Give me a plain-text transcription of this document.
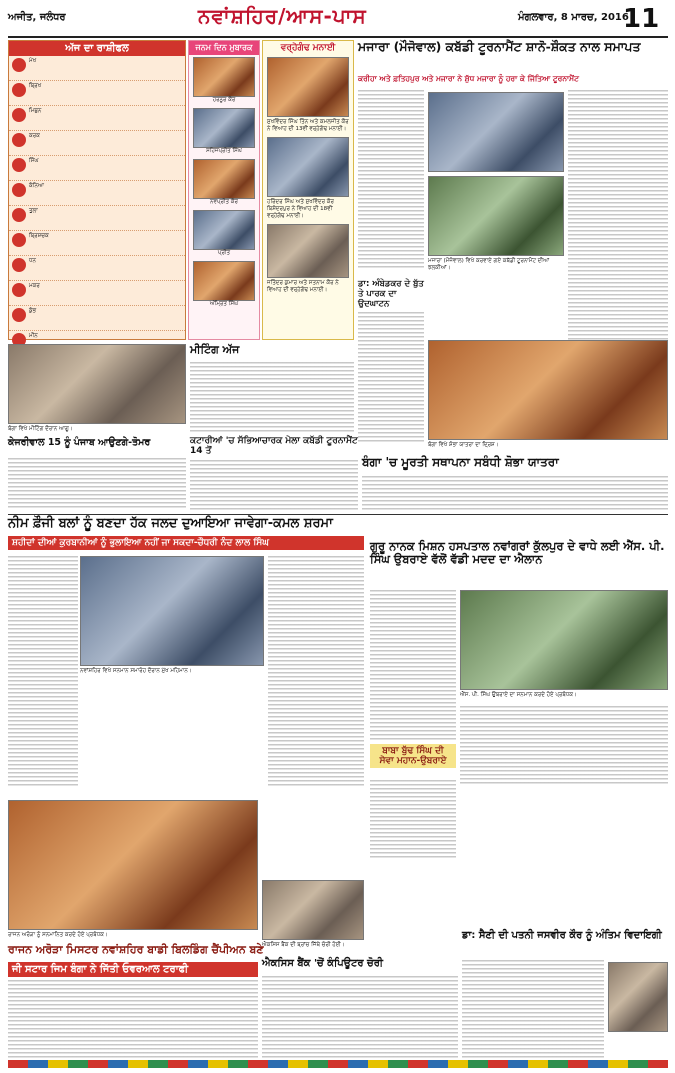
ਅਜੀਤ, ਜਲੰਧਰ	ਨਵਾਂਸ਼ਹਿਰ/ਆਸ-ਪਾਸ	ਮੰਗਲਵਾਰ, 8 ਮਾਰਚ, 2016
11
ਅੱਜ ਦਾ ਰਾਸ਼ੀਫਲ
ਮੇਖ
ਬ੍ਰਿਖ
ਮਿਥੁਨ
ਕਰਕ
ਸਿੰਘ
ਕੰਨਿਆ
ਤੁਲਾ
ਬ੍ਰਿਸ਼ਚਕ
ਧਨ
ਮਕਰ
ਕੁੰਭ
ਮੀਨ
ਜਨਮ ਦਿਨ ਮੁਬਾਰਕ
ਹਰਨੂਰ ਕੌਰ
ਸਹਿਜਪ੍ਰੀਤ ਸਿੰਘ
ਨਵਪ੍ਰੀਤ ਕੌਰ
ਪ੍ਰੀਤ
ਅੰਮ੍ਰਿਤ ਸਿੰਘ
ਵਰ੍ਹੇਗੰਢ ਮਨਾਈ
ਸੁਖਵਿੰਦਰ ਸਿੰਘ ਤਿੰਨ ਅਤੇ ਕਮਲਜੀਤ ਕੌਰ ਨੇ ਵਿਆਹ ਦੀ 13ਵੀਂ ਵਰ੍ਹੇਗੰਢ ਮਨਾਈ।
ਹਰਿੰਦਰ ਸਿੰਘ ਅਤੇ ਸੁਖਵਿੰਦਰ ਕੌਰ ਬਿਸ਼ੰਦਰਪੁਰ ਨੇ ਵਿਆਹ ਦੀ 18ਵੀਂ ਵਰ੍ਹੇਗੰਢ ਮਨਾਈ।
ਜਤਿੰਦਰ ਕੁਮਾਰ ਅਤੇ ਸਤਨਾਮ ਕੌਰ ਨੇ ਵਿਆਹ ਦੀ ਵਰ੍ਹੇਗੰਢ ਮਨਾਈ।
ਮਜਾਰਾ (ਮੌਜੋਵਾਲ) ਕਬੱਡੀ ਟੂਰਨਾਮੈਂਟ ਸ਼ਾਨੋ-ਸ਼ੌਕਤ ਨਾਲ ਸਮਾਪਤ
ਕਰੀਹਾ ਅਤੇ ਫ਼ਤਿਹਪੁਰ ਅਤੇ ਮਜਾਰਾ ਨੇ ਸ਼ੁੱਧ ਮਜਾਰਾ ਨੂੰ ਹਰਾ ਕੇ ਜਿੱਤਿਆ ਟੂਰਨਾਮੈਂਟ
ਮਜਾਰਾ (ਮੌਜੋਵਾਲ) ਵਿਖੇ ਕਰਵਾਏ ਗਏ ਕਬੱਡੀ ਟੂਰਨਾਮੈਂਟ ਦੀਆਂ ਝਲਕੀਆਂ।
ਬੰਗਾ ਵਿਖੇ ਮੀਟਿੰਗ ਦੌਰਾਨ ਆਗੂ।
ਕੇਜਰੀਵਾਲ 15 ਨੂੰ ਪੰਜਾਬ ਆਉਣਗੇ-ਤੋਮਰ
ਮੀਟਿੰਗ ਅੱਜ
ਕਟਾਰੀਆਂ 'ਚ ਸੱਭਿਆਚਾਰਕ ਮੇਲਾ ਕਬੱਡੀ ਟੂਰਨਾਮੈਂਟ 14 ਤੋਂ
ਡਾ: ਅੰਬੇਡਕਰ ਦੇ ਬੁੱਤ ਤੇ ਪਾਰਕ ਦਾ ਉਦਘਾਟਨ
ਬੰਗਾ ਵਿਖੇ ਸ਼ੋਭਾ ਯਾਤਰਾ ਦਾ ਦ੍ਰਿਸ਼।
ਬੰਗਾ 'ਚ ਮੂਰਤੀ ਸਥਾਪਨਾ ਸਬੰਧੀ ਸ਼ੋਭਾ ਯਾਤਰਾ
ਨੀਮ ਫ਼ੌਜੀ ਬਲਾਂ ਨੂੰ ਬਣਦਾ ਹੱਕ ਜਲਦ ਦੁਆਇਆ ਜਾਵੇਗਾ-ਕਮਲ ਸ਼ਰਮਾ
ਸ਼ਹੀਦਾਂ ਦੀਆਂ ਕੁਰਬਾਨੀਆਂ ਨੂੰ ਭੁਲਾਇਆ ਨਹੀਂ ਜਾ ਸਕਦਾ-ਚੌਧਰੀ ਨੰਦ ਲਾਲ ਸਿੰਘ
ਨਵਾਂਸ਼ਹਿਰ ਵਿਖੇ ਸਨਮਾਨ ਸਮਾਰੋਹ ਦੌਰਾਨ ਮੁੱਖ ਮਹਿਮਾਨ।
ਗੁਰੂ ਨਾਨਕ ਮਿਸ਼ਨ ਹਸਪਤਾਲ ਨਵਾਂਗਰਾਂ ਕੁੱਲਪੁਰ ਦੇ ਵਾਧੇ ਲਈ ਐੱਸ. ਪੀ. ਸਿੰਘ ਉਬਰਾਏ ਵੱਲੋਂ ਵੱਡੀ ਮਦਦ ਦਾ ਐਲਾਨ
ਐੱਸ. ਪੀ. ਸਿੰਘ ਉਬਰਾਏ ਦਾ ਸਨਮਾਨ ਕਰਦੇ ਹੋਏ ਪ੍ਰਬੰਧਕ।
ਬਾਬਾ ਬੁੱਢ ਸਿੰਘ ਦੀ ਸੇਵਾ ਮਹਾਨ-ਉਬਰਾਏ
ਰਾਜਨ ਅਰੋੜਾ ਨੂੰ ਸਨਮਾਨਿਤ ਕਰਦੇ ਹੋਏ ਪ੍ਰਬੰਧਕ।
ਰਾਜਨ ਅਰੋੜਾ ਮਿਸਟਰ ਨਵਾਂਸ਼ਹਿਰ ਬਾਡੀ ਬਿਲਡਿੰਗ ਚੈਂਪੀਅਨ ਬਣੇ
ਜੀ ਸਟਾਰ ਜਿਮ ਬੰਗਾ ਨੇ ਜਿੱਤੀ ਓਵਰਆਲ ਟਰਾਫੀ
ਐਕਸਿਸ ਬੈਂਕ ਦੀ ਬ੍ਰਾਂਚ ਜਿੱਥੇ ਚੋਰੀ ਹੋਈ।
ਐਕਸਿਸ ਬੈਂਕ 'ਚੋਂ ਕੰਪਿਊਟਰ ਚੋਰੀ
ਡਾ: ਸੈਣੀ ਦੀ ਪਤਨੀ ਜਸਵੀਰ ਕੌਰ ਨੂੰ ਅੰਤਿਮ ਵਿਦਾਇਗੀ
